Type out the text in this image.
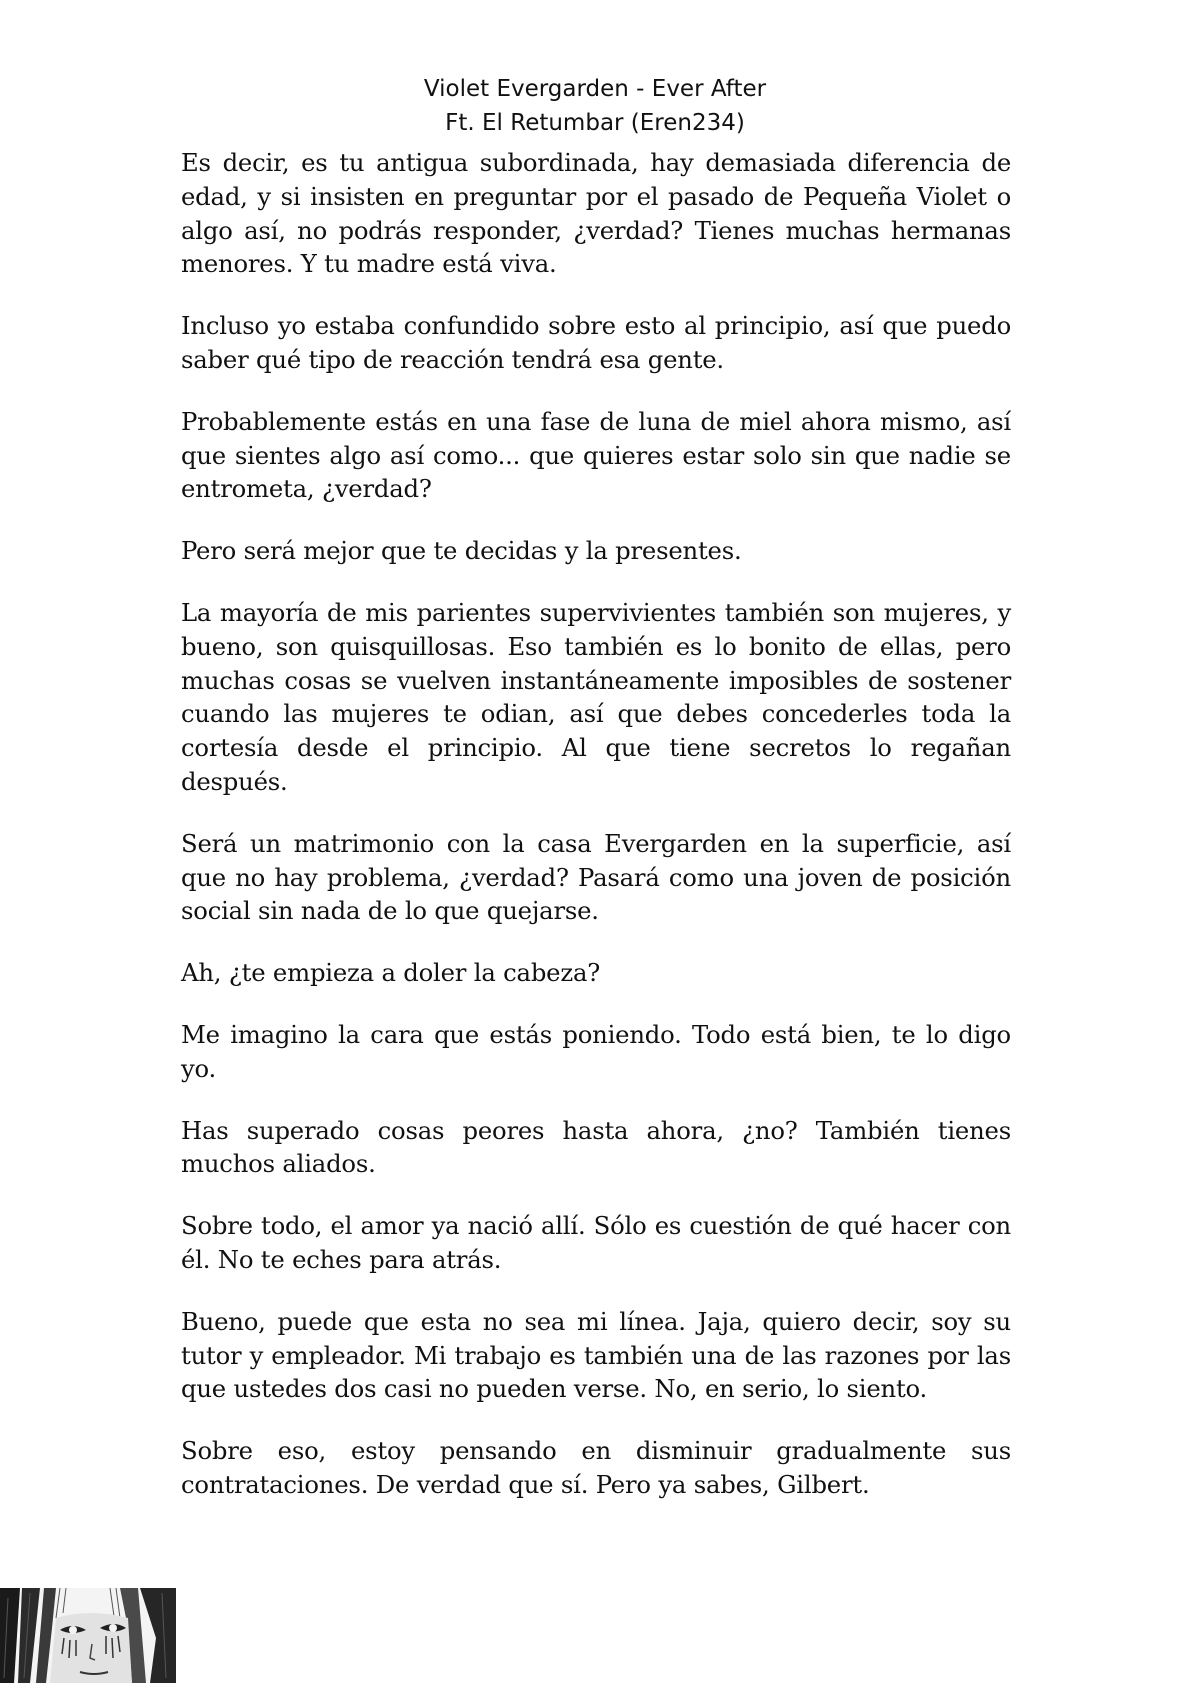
Violet Evergarden - Ever After
Ft. El Retumbar (Eren234)

Es decir, es tu antigua subordinada, hay demasiada diferencia de edad, y si insisten en preguntar por el pasado de Pequeña Violet o algo así, no podrás responder, ¿verdad? Tienes muchas hermanas menores. Y tu madre está viva.

Incluso yo estaba confundido sobre esto al principio, así que puedo saber qué tipo de reacción tendrá esa gente.

Probablemente estás en una fase de luna de miel ahora mismo, así que sientes algo así como... que quieres estar solo sin que nadie se entrometa, ¿verdad?

Pero será mejor que te decidas y la presentes.

La mayoría de mis parientes supervivientes también son mujeres, y bueno, son quisquillosas. Eso también es lo bonito de ellas, pero muchas cosas se vuelven instantáneamente imposibles de sostener cuando las mujeres te odian, así que debes concederles toda la cortesía desde el principio. Al que tiene secretos lo regañan después.

Será un matrimonio con la casa Evergarden en la superficie, así que no hay problema, ¿verdad? Pasará como una joven de posición social sin nada de lo que quejarse.

Ah, ¿te empieza a doler la cabeza?

Me imagino la cara que estás poniendo. Todo está bien, te lo digo yo.

Has superado cosas peores hasta ahora, ¿no? También tienes muchos aliados.

Sobre todo, el amor ya nació allí. Sólo es cuestión de qué hacer con él. No te eches para atrás.

Bueno, puede que esta no sea mi línea. Jaja, quiero decir, soy su tutor y empleador. Mi trabajo es también una de las razones por las que ustedes dos casi no pueden verse. No, en serio, lo siento.

Sobre eso, estoy pensando en disminuir gradualmente sus contrataciones. De verdad que sí. Pero ya sabes, Gilbert.
